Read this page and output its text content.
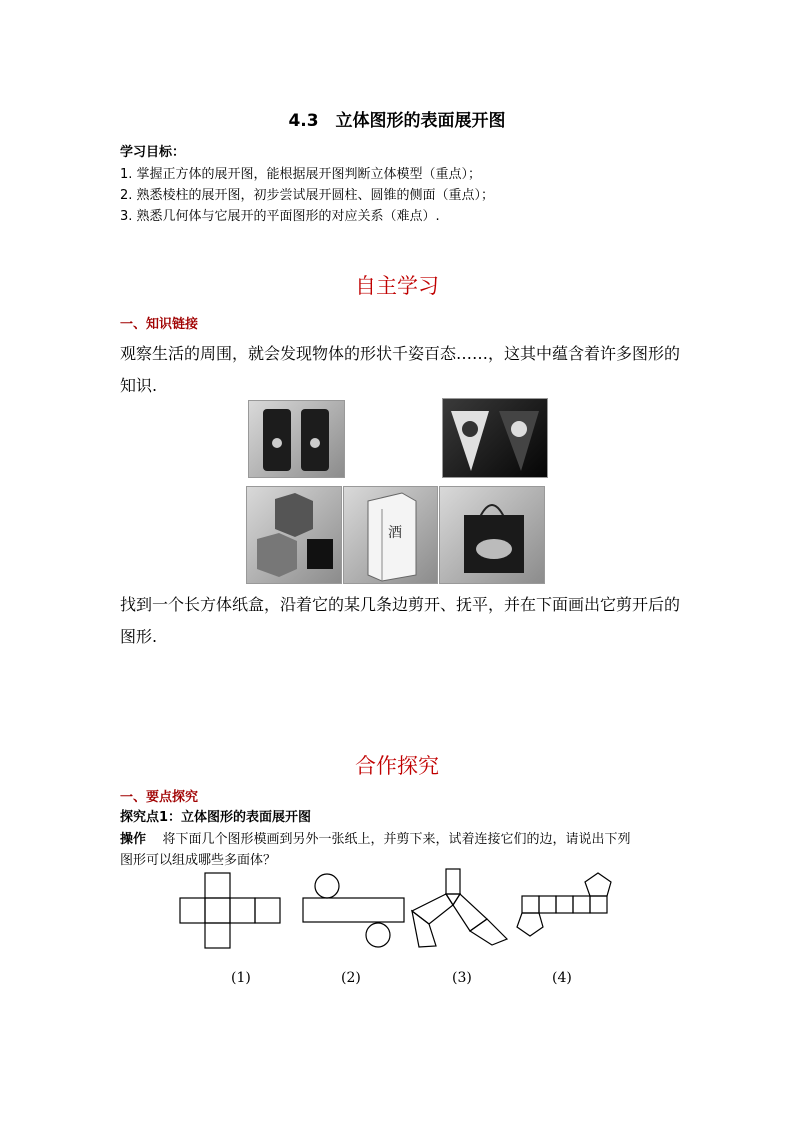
4.3　立体图形的表面展开图
学习目标：
1. 掌握正方体的展开图，能根据展开图判断立体模型（重点）；
2. 熟悉棱柱的展开图，初步尝试展开圆柱、圆锥的侧面（重点）；
3. 熟悉几何体与它展开的平面图形的对应关系（难点）.
自主学习
一、知识链接
观察生活的周围，就会发现物体的形状千姿百态……，这其中蕴含着许多图形的
知识.
酒
找到一个长方体纸盒，沿着它的某几条边剪开、抚平，并在下面画出它剪开后的
图形.
合作探究
一、要点探究
探究点1：立体图形的表面展开图
操作 将下面几个图形模画到另外一张纸上，并剪下来，试着连接它们的边，请说出下列
图形可以组成哪些多面体？
(1)	(2)	(3)	(4)
